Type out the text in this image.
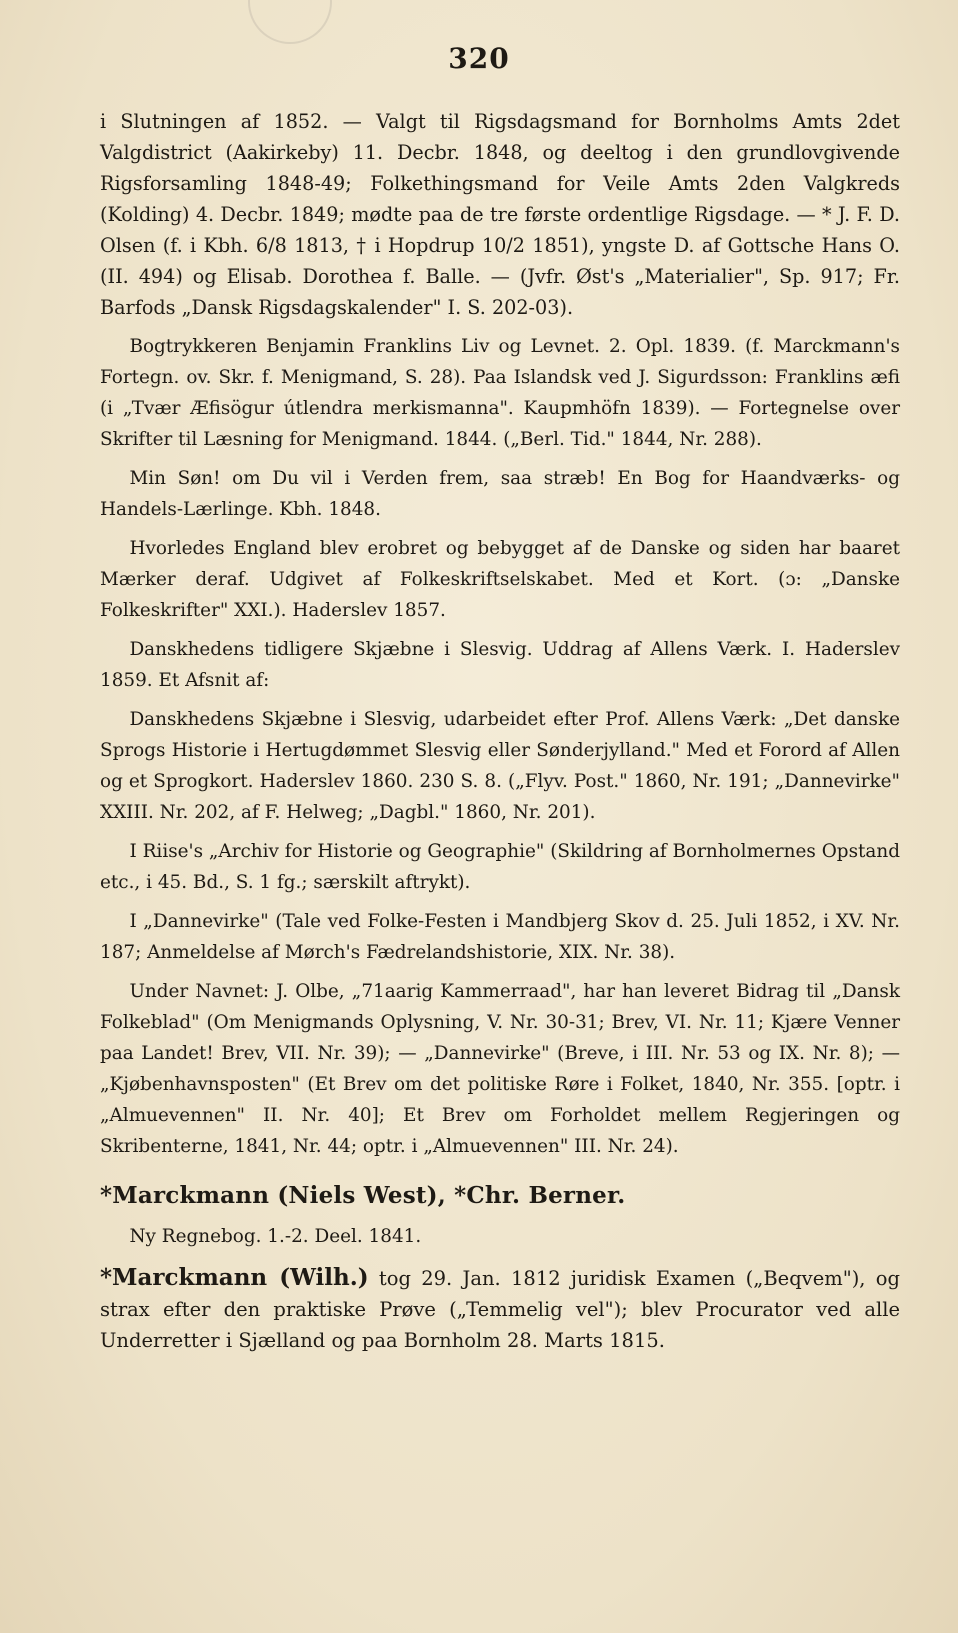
320

i Slutningen af 1852. — Valgt til Rigsdagsmand for Bornholms Amts 2det Valgdistrict (Aakirkeby) 11. Decbr. 1848, og deeltog i den grundlovgivende Rigsforsamling 1848-49; Folkethingsmand for Veile Amts 2den Valgkreds (Kolding) 4. Decbr. 1849; mødte paa de tre første ordentlige Rigsdage. — * J. F. D. Olsen (f. i Kbh. 6/8 1813, † i Hopdrup 10/2 1851), yngste D. af Gottsche Hans O. (II. 494) og Elisab. Dorothea f. Balle. — (Jvfr. Øst's „Materialier", Sp. 917; Fr. Barfods „Dansk Rigsdagskalender" I. S. 202-03).

Bogtrykkeren Benjamin Franklins Liv og Levnet. 2. Opl. 1839. (f. Marckmann's Fortegn. ov. Skr. f. Menigmand, S. 28). Paa Islandsk ved J. Sigurdsson: Franklins æfi (i „Tvær Æfisögur útlendra merkismanna". Kaupmhöfn 1839). — Fortegnelse over Skrifter til Læsning for Menigmand. 1844. („Berl. Tid." 1844, Nr. 288).

Min Søn! om Du vil i Verden frem, saa stræb! En Bog for Haandværks- og Handels-Lærlinge. Kbh. 1848.

Hvorledes England blev erobret og bebygget af de Danske og siden har baaret Mærker deraf. Udgivet af Folkeskriftselskabet. Med et Kort. (ɔ: „Danske Folkeskrifter" XXI.). Haderslev 1857.

Danskhedens tidligere Skjæbne i Slesvig. Uddrag af Allens Værk. I. Haderslev 1859. Et Afsnit af:

Danskhedens Skjæbne i Slesvig, udarbeidet efter Prof. Allens Værk: „Det danske Sprogs Historie i Hertugdømmet Slesvig eller Sønderjylland." Med et Forord af Allen og et Sprogkort. Haderslev 1860. 230 S. 8. („Flyv. Post." 1860, Nr. 191; „Dannevirke" XXIII. Nr. 202, af F. Helweg; „Dagbl." 1860, Nr. 201).

I Riise's „Archiv for Historie og Geographie" (Skildring af Bornholmernes Opstand etc., i 45. Bd., S. 1 fg.; særskilt aftrykt).

I „Dannevirke" (Tale ved Folke-Festen i Mandbjerg Skov d. 25. Juli 1852, i XV. Nr. 187; Anmeldelse af Mørch's Fædrelandshistorie, XIX. Nr. 38).

Under Navnet: J. Olbe, „71aarig Kammerraad", har han leveret Bidrag til „Dansk Folkeblad" (Om Menigmands Oplysning, V. Nr. 30-31; Brev, VI. Nr. 11; Kjære Venner paa Landet! Brev, VII. Nr. 39); — „Dannevirke" (Breve, i III. Nr. 53 og IX. Nr. 8); — „Kjøbenhavnsposten" (Et Brev om det politiske Røre i Folket, 1840, Nr. 355. [optr. i „Almuevennen" II. Nr. 40]; Et Brev om Forholdet mellem Regjeringen og Skribenterne, 1841, Nr. 44; optr. i „Almuevennen" III. Nr. 24).

*Marckmann (Niels West), *Chr. Berner.

Ny Regnebog. 1.-2. Deel. 1841.

*Marckmann (Wilh.) tog 29. Jan. 1812 juridisk Examen („Beqvem"), og strax efter den praktiske Prøve („Temmelig vel"); blev Procurator ved alle Underretter i Sjælland og paa Bornholm 28. Marts 1815.
